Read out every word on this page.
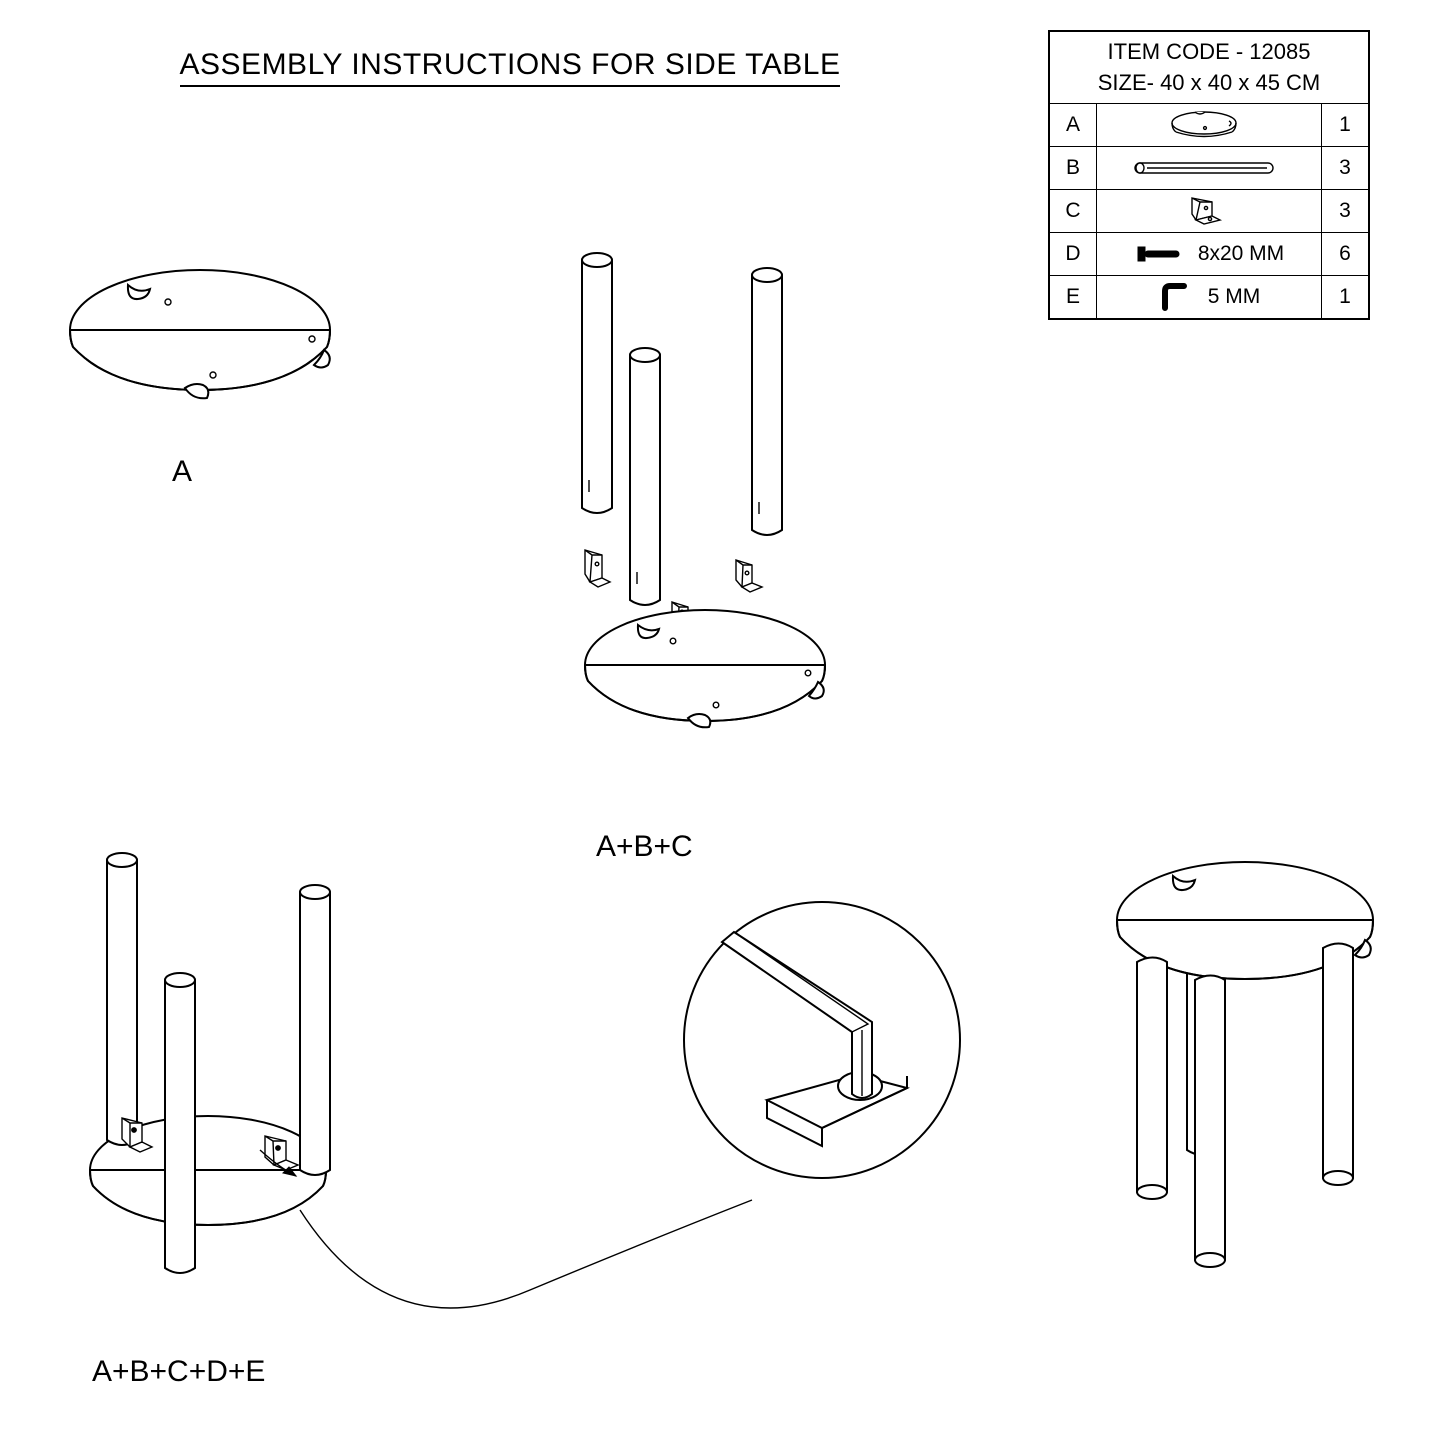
ASSEMBLY INSTRUCTIONS FOR SIDE TABLE	ITEM CODE - 12085
SIZE- 40 x 40 x 45 CM
A	1
B	3
C	3
D	8x20 MM	6
E	5 MM	1
A
A+B+C
A+B+C+D+E
